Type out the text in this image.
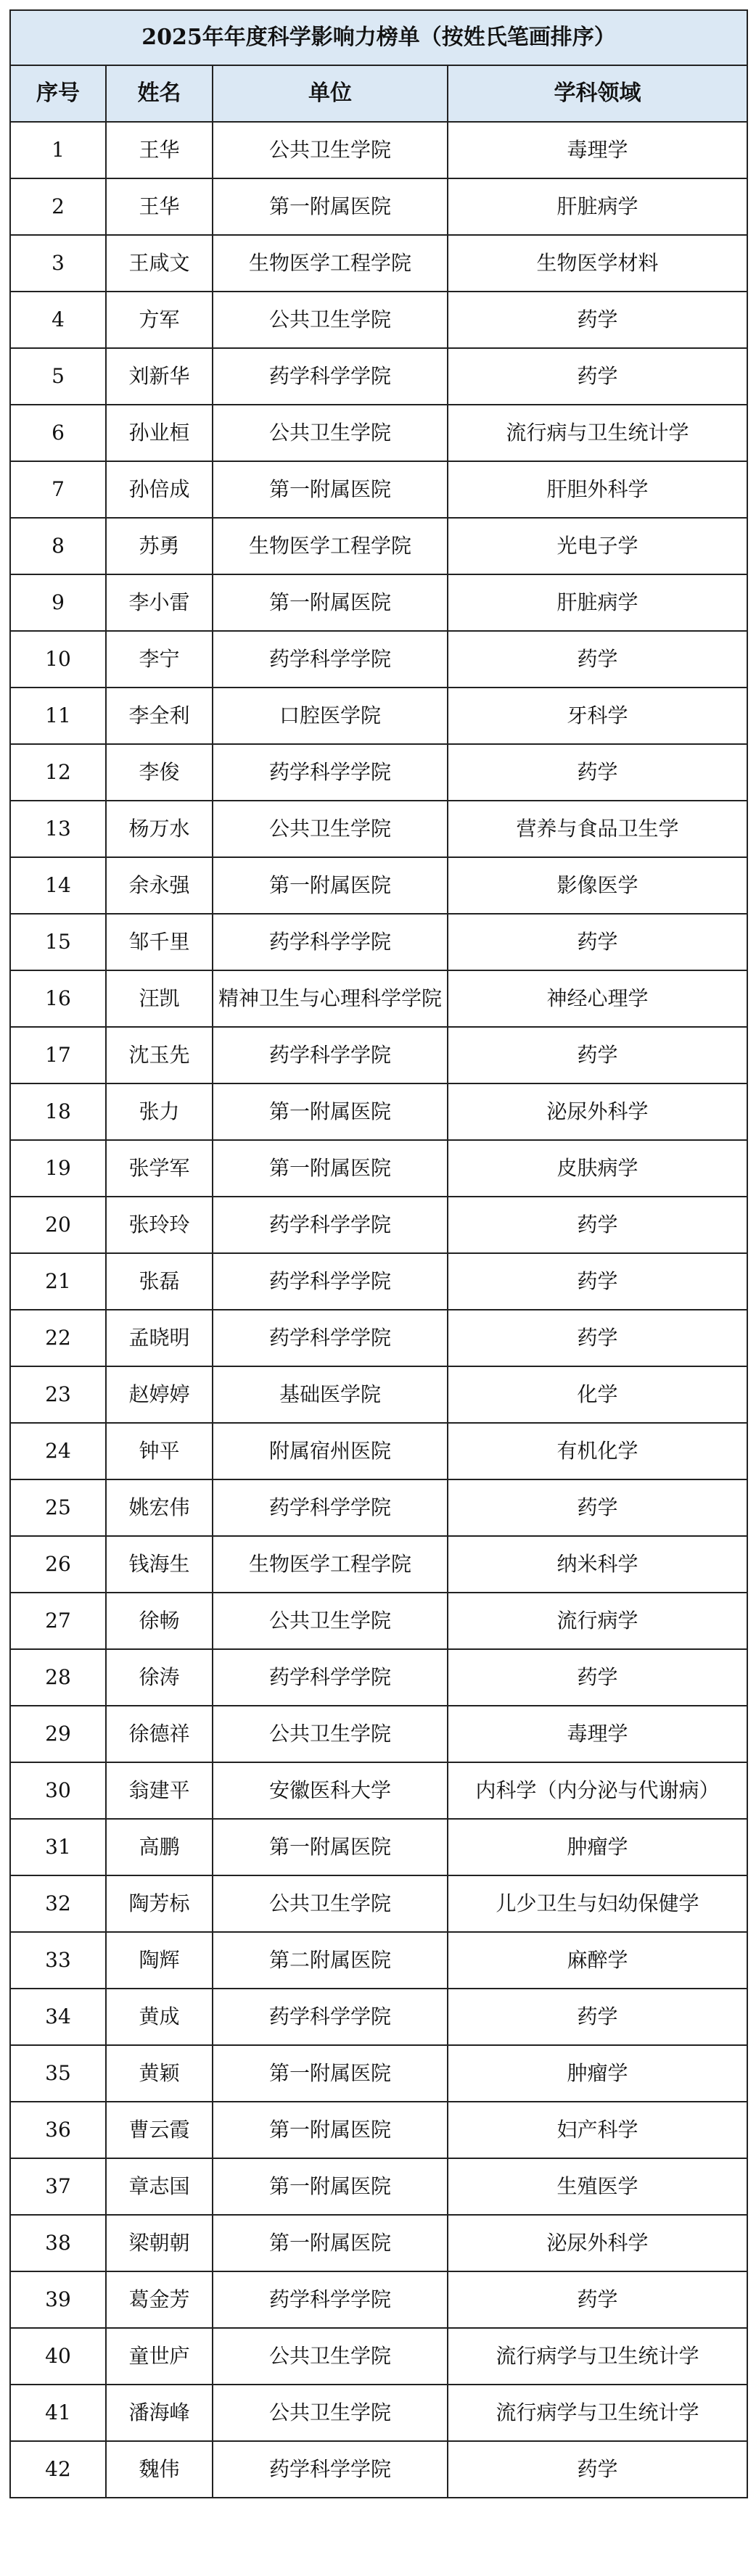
2025年年度科学影响力榜单（按姓氏笔画排序）			
序号	姓名	单位	学科领域
1	王华	公共卫生学院	毒理学
2	王华	第一附属医院	肝脏病学
3	王咸文	生物医学工程学院	生物医学材料
4	方军	公共卫生学院	药学
5	刘新华	药学科学学院	药学
6	孙业桓	公共卫生学院	流行病与卫生统计学
7	孙倍成	第一附属医院	肝胆外科学
8	苏勇	生物医学工程学院	光电子学
9	李小雷	第一附属医院	肝脏病学
10	李宁	药学科学学院	药学
11	李全利	口腔医学院	牙科学
12	李俊	药学科学学院	药学
13	杨万水	公共卫生学院	营养与食品卫生学
14	余永强	第一附属医院	影像医学
15	邹千里	药学科学学院	药学
16	汪凯	精神卫生与心理科学学院	神经心理学
17	沈玉先	药学科学学院	药学
18	张力	第一附属医院	泌尿外科学
19	张学军	第一附属医院	皮肤病学
20	张玲玲	药学科学学院	药学
21	张磊	药学科学学院	药学
22	孟晓明	药学科学学院	药学
23	赵婷婷	基础医学院	化学
24	钟平	附属宿州医院	有机化学
25	姚宏伟	药学科学学院	药学
26	钱海生	生物医学工程学院	纳米科学
27	徐畅	公共卫生学院	流行病学
28	徐涛	药学科学学院	药学
29	徐德祥	公共卫生学院	毒理学
30	翁建平	安徽医科大学	内科学（内分泌与代谢病）
31	高鹏	第一附属医院	肿瘤学
32	陶芳标	公共卫生学院	儿少卫生与妇幼保健学
33	陶辉	第二附属医院	麻醉学
34	黄成	药学科学学院	药学
35	黄颖	第一附属医院	肿瘤学
36	曹云霞	第一附属医院	妇产科学
37	章志国	第一附属医院	生殖医学
38	梁朝朝	第一附属医院	泌尿外科学
39	葛金芳	药学科学学院	药学
40	童世庐	公共卫生学院	流行病学与卫生统计学
41	潘海峰	公共卫生学院	流行病学与卫生统计学
42	魏伟	药学科学学院	药学
